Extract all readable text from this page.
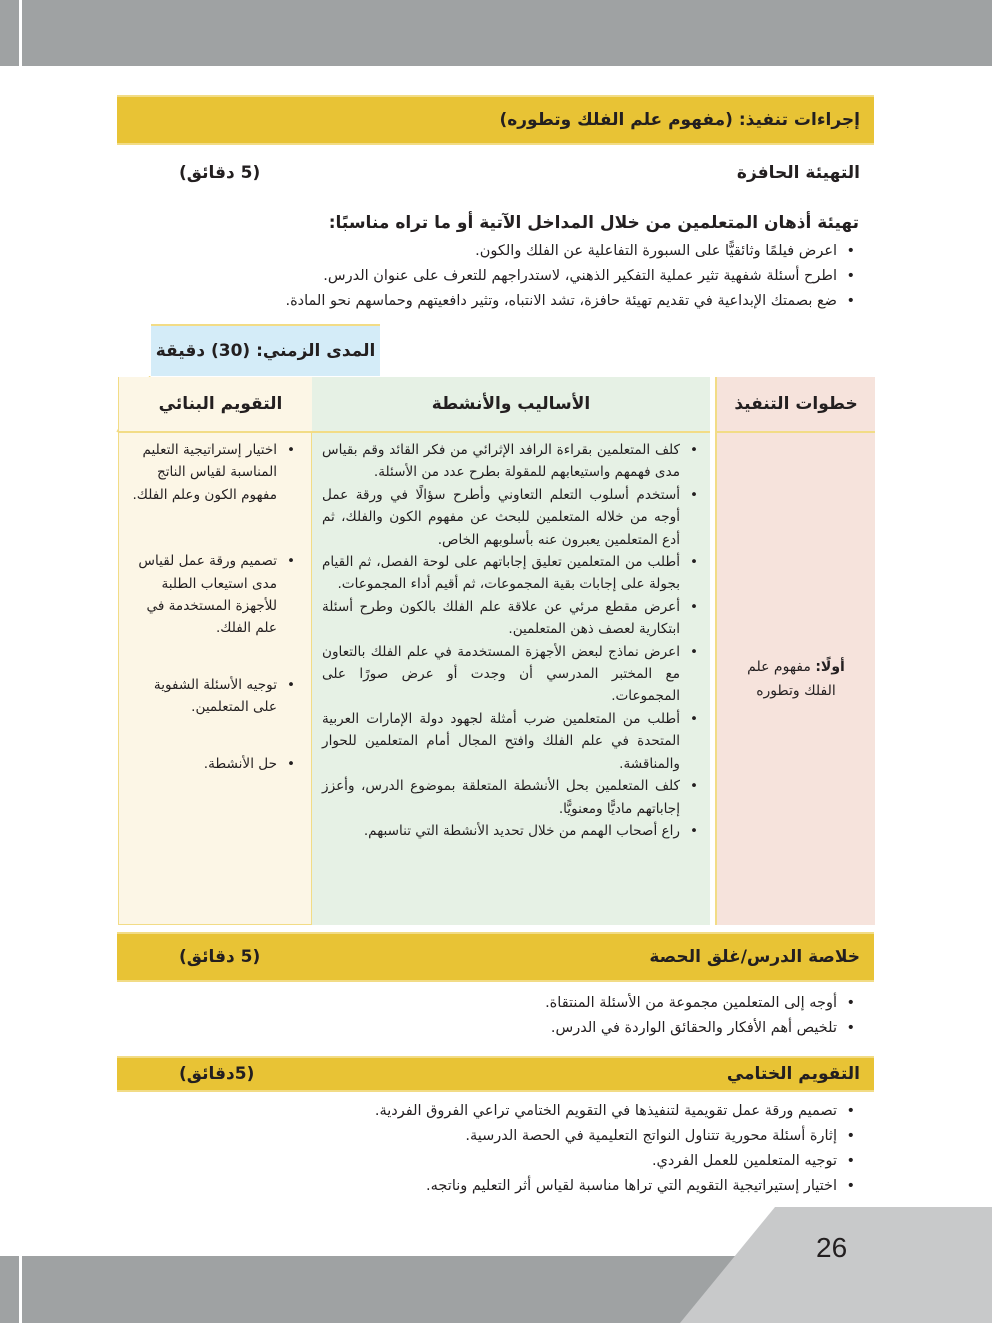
إجراءات تنفيذ: (مفهوم علم الفلك وتطوره)
التهيئة الحافزة
(5 دقائق)
تهيئة أذهان المتعلمين من خلال المداخل الآتية أو ما تراه مناسبًا:
• اعرض فيلمًا وثائقيًّا على السبورة التفاعلية عن الفلك والكون.
• اطرح أسئلة شفهية تثير عملية التفكير الذهني، لاستدراجهم للتعرف على عنوان الدرس.
• ضع بصمتك الإبداعية في تقديم تهيئة حافزة، تشد الانتباه، وتثير دافعيتهم وحماسهم نحو المادة.
المدى الزمني: (30) دقيقة
خطوات التنفيذ
الأساليب والأنشطة
التقويم البنائي
أولًا: مفهوم علم الفلك وتطوره
• كلف المتعلمين بقراءة الرافد الإثرائي من فكر القائد وقم بقياس مدى فهمهم واستيعابهم للمقولة بطرح عدد من الأسئلة.
• أستخدم أسلوب التعلم التعاوني وأطرح سؤالًا في ورقة عمل أوجه من خلاله المتعلمين للبحث عن مفهوم الكون والفلك، ثم أدع المتعلمين يعبرون عنه بأسلوبهم الخاص.
• أطلب من المتعلمين تعليق إجاباتهم على لوحة الفصل، ثم القيام بجولة على إجابات بقية المجموعات، ثم أقيم أداء المجموعات.
• أعرض مقطع مرئي عن علاقة علم الفلك بالكون وطرح أسئلة ابتكارية لعصف ذهن المتعلمين.
• اعرض نماذج لبعض الأجهزة المستخدمة في علم الفلك بالتعاون مع المختبر المدرسي أن وجدت أو عرض صورًا على المجموعات.
• أطلب من المتعلمين ضرب أمثلة لجهود دولة الإمارات العربية المتحدة في علم الفلك وافتح المجال أمام المتعلمين للحوار والمناقشة.
• كلف المتعلمين بحل الأنشطة المتعلقة بموضوع الدرس، وأعزز إجاباتهم ماديًّا ومعنويًّا.
• راع أصحاب الهمم من خلال تحديد الأنشطة التي تناسبهم.
• اختيار إستراتيجية التعليم المناسبة لقياس الناتج مفهوم الكون وعلم الفلك.
• تصميم ورقة عمل لقياس مدى استيعاب الطلبة للأجهزة المستخدمة في علم الفلك.
• توجيه الأسئلة الشفوية على المتعلمين.
• حل الأنشطة.
خلاصة الدرس/غلق الحصة
(5 دقائق)
• أوجه إلى المتعلمين مجموعة من الأسئلة المنتقاة.
• تلخيص أهم الأفكار والحقائق الواردة في الدرس.
التقويم الختامي
(5دقائق)
• تصميم ورقة عمل تقويمية لتنفيذها في التقويم الختامي تراعي الفروق الفردية.
• إثارة أسئلة محورية تتناول النواتج التعليمية في الحصة الدرسية.
• توجيه المتعلمين للعمل الفردي.
• اختيار إستيراتيجية التقويم التي تراها مناسبة لقياس أثر التعليم وناتجه.
26
